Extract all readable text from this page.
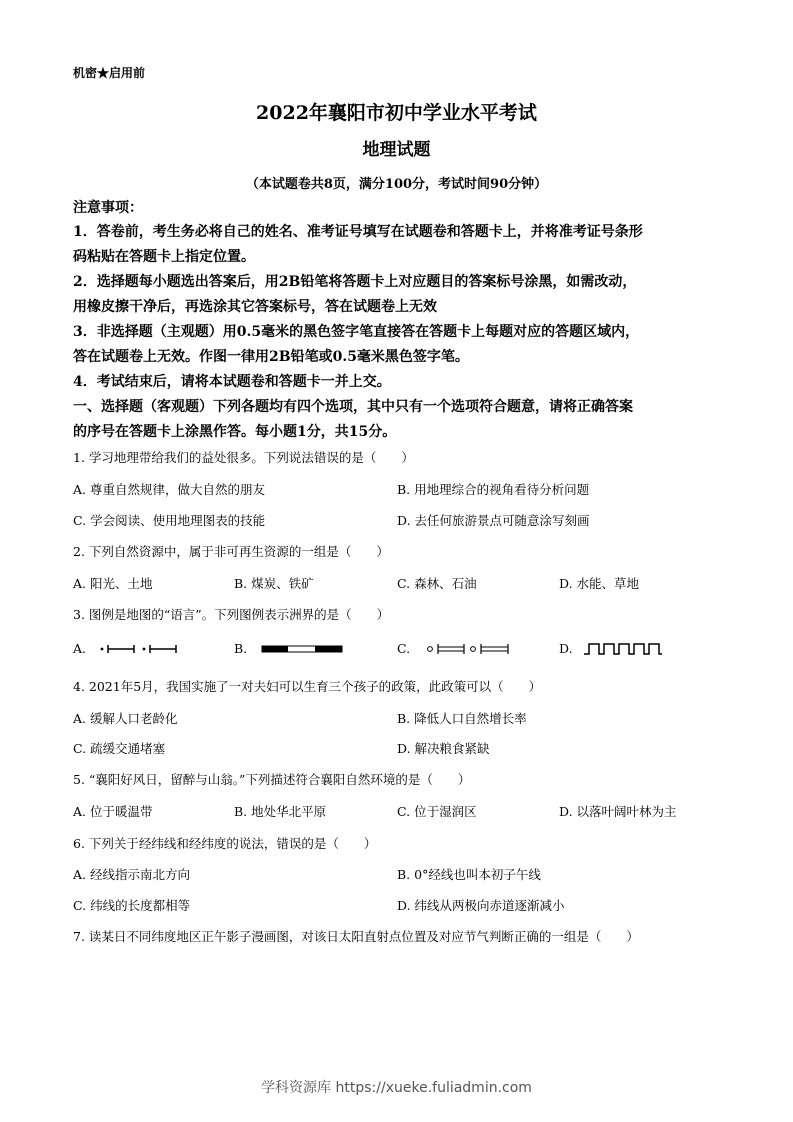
机密★启用前
2022年襄阳市初中学业水平考试
地理试题
（本试题卷共8页，满分100分，考试时间90分钟）
注意事项：
1．答卷前，考生务必将自己的姓名、准考证号填写在试题卷和答题卡上，并将准考证号条形
码粘贴在答题卡上指定位置。
2．选择题每小题选出答案后，用2B铅笔将答题卡上对应题目的答案标号涂黑，如需改动，
用橡皮擦干净后，再选涂其它答案标号，答在试题卷上无效
3．非选择题（主观题）用0.5毫米的黑色签字笔直接答在答题卡上每题对应的答题区域内，
答在试题卷上无效。作图一律用2B铅笔或0.5毫米黑色签字笔。
4．考试结束后，请将本试题卷和答题卡一并上交。
一、选择题（客观题）下列各题均有四个选项，其中只有一个选项符合题意，请将正确答案
的序号在答题卡上涂黑作答。每小题1分，共15分。
1. 学习地理带给我们的益处很多。下列说法错误的是（　　）
A. 尊重自然规律，做大自然的朋友	B. 用地理综合的视角看待分析问题
C. 学会阅读、使用地理图表的技能	D. 去任何旅游景点可随意涂写刻画
2. 下列自然资源中，属于非可再生资源的一组是（　　）
A. 阳光、土地	B. 煤炭、铁矿	C. 森林、石油	D. 水能、草地
3. 图例是地图的“语言”。下列图例表示洲界的是（　　）
A.	B.	C.	D.
4. 2021年5月，我国实施了一对夫妇可以生育三个孩子的政策，此政策可以（　　）
A. 缓解人口老龄化	B. 降低人口自然增长率
C. 疏缓交通堵塞	D. 解决粮食紧缺
5. “襄阳好风日，留醉与山翁。”下列描述符合襄阳自然环境的是（　　）
A. 位于暖温带	B. 地处华北平原	C. 位于湿润区	D. 以落叶阔叶林为主
6. 下列关于经纬线和经纬度的说法，错误的是（　　）
A. 经线指示南北方向	B. 0°经线也叫本初子午线
C. 纬线的长度都相等	D. 纬线从两极向赤道逐渐减小
7. 读某日不同纬度地区正午影子漫画图，对该日太阳直射点位置及对应节气判断正确的一组是（　　）
学科资源库 https://xueke.fuliadmin.com
